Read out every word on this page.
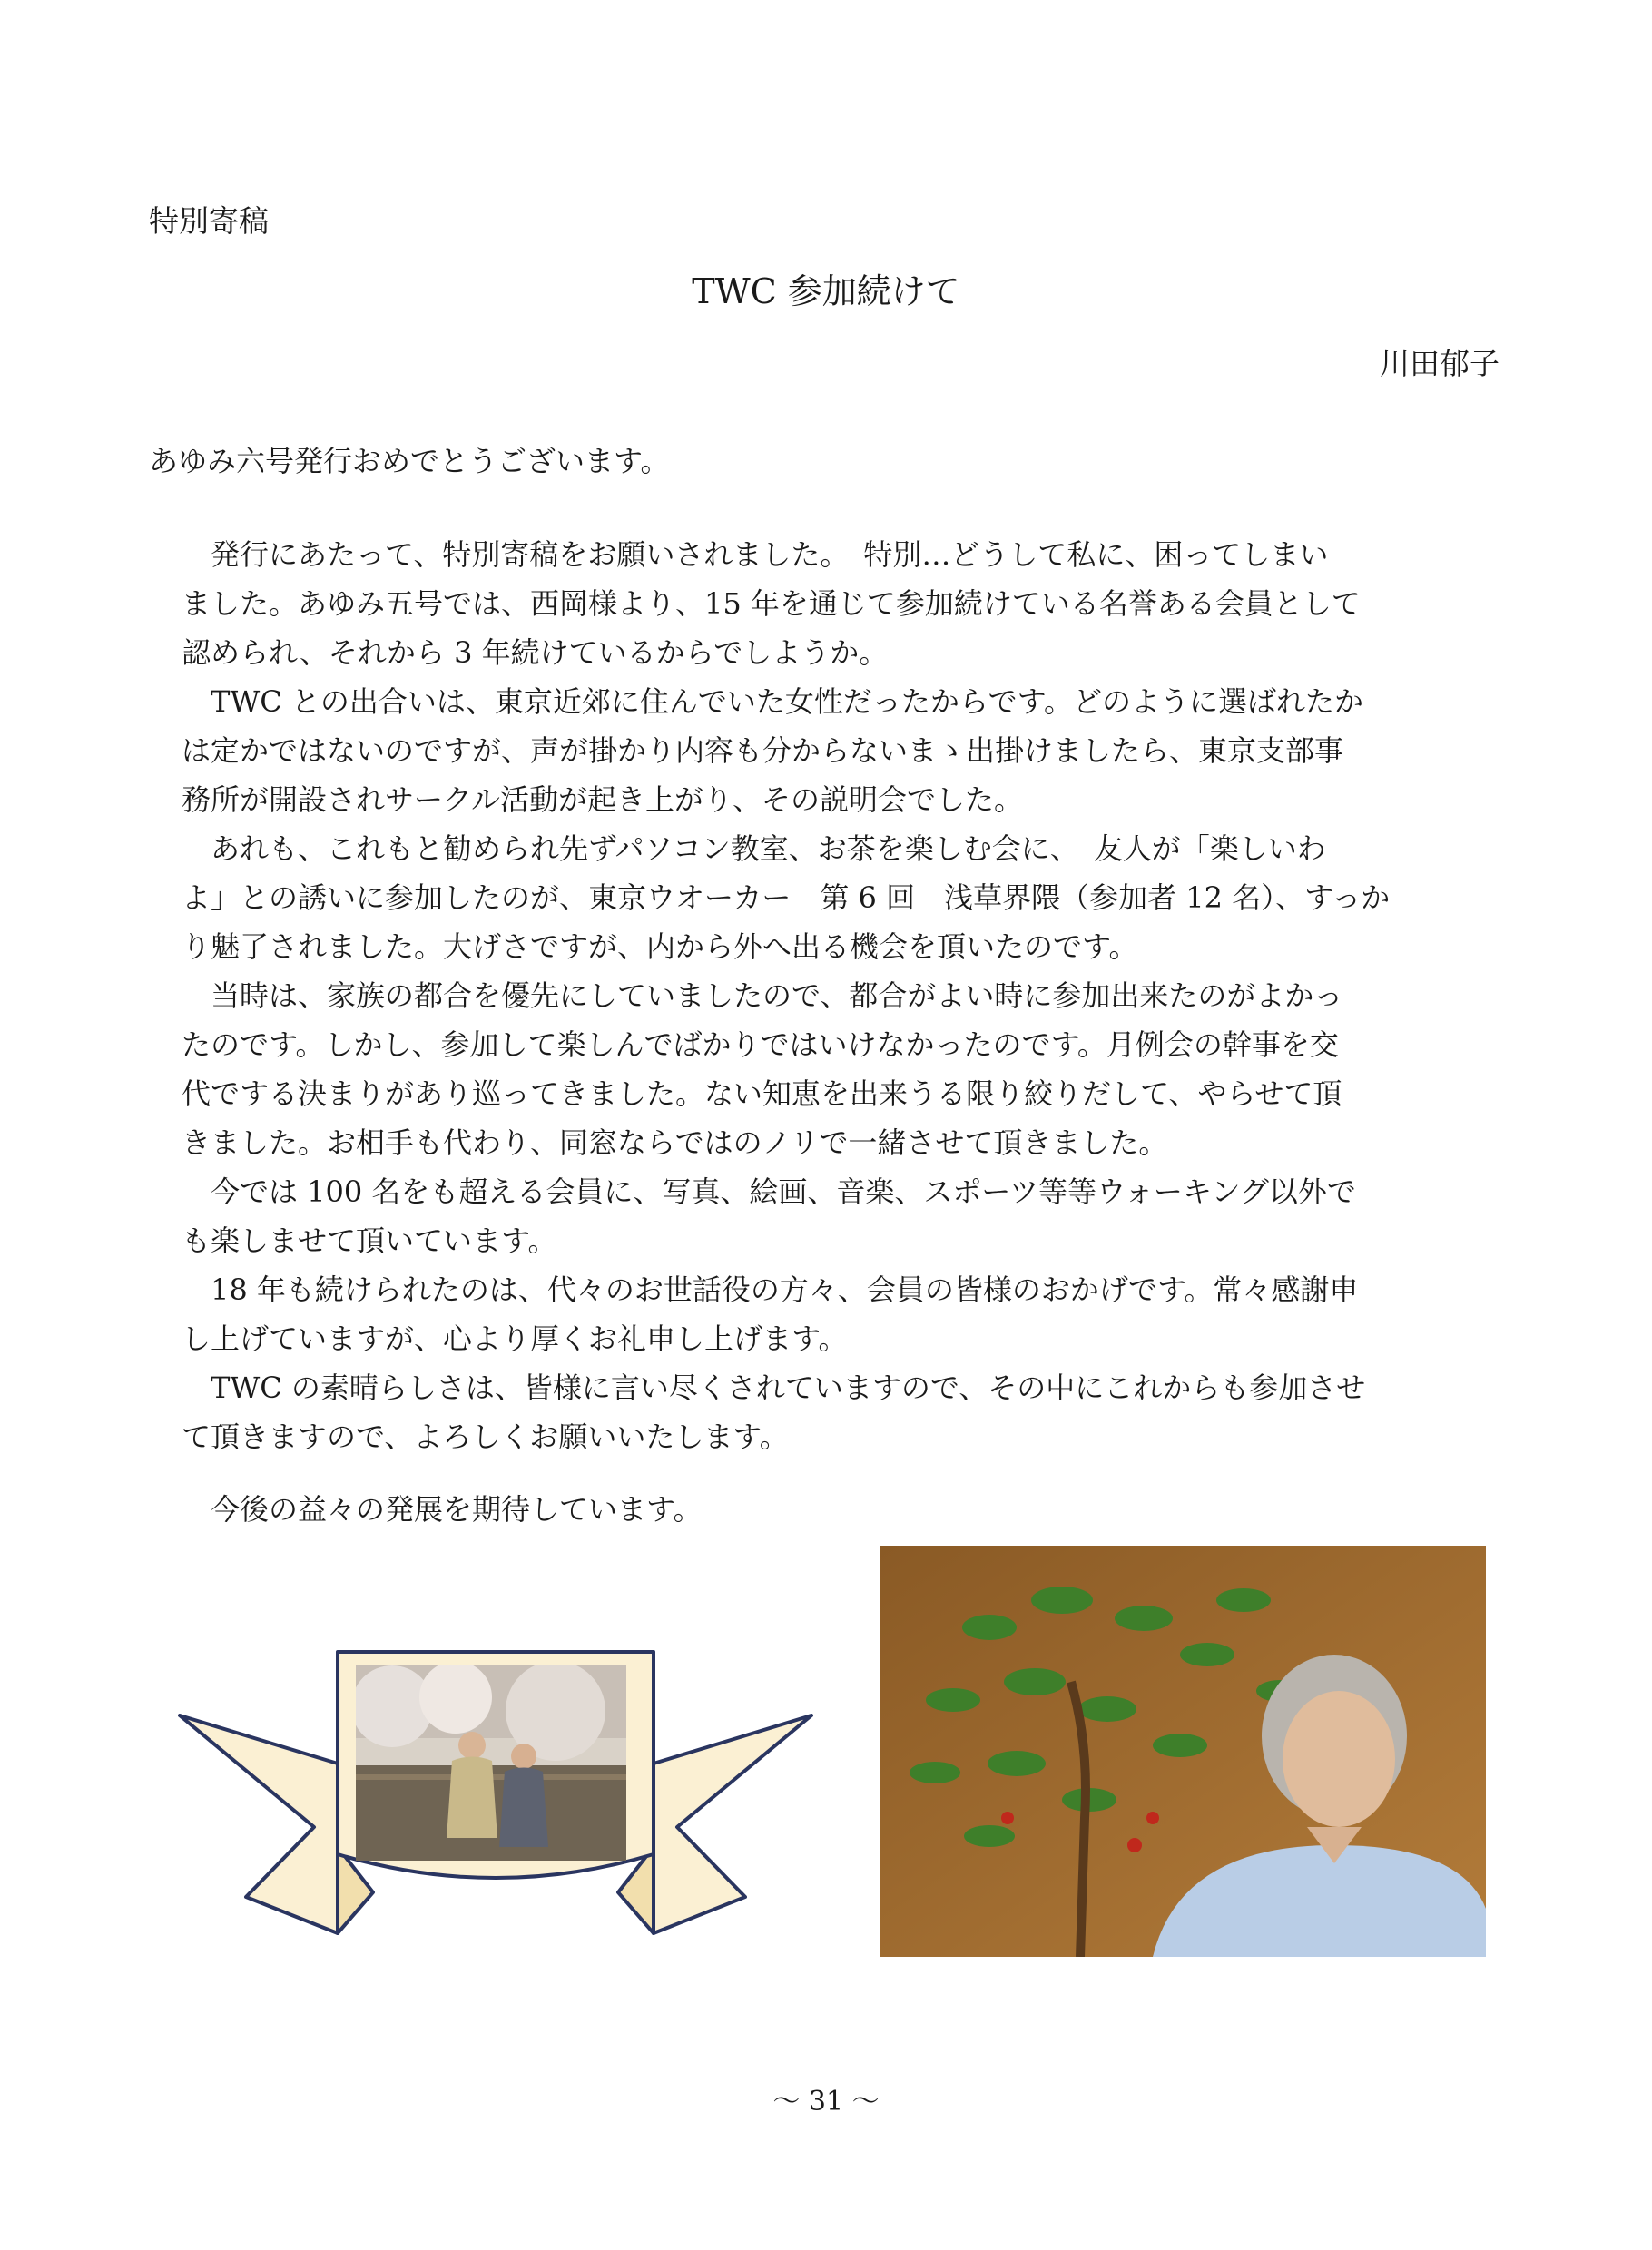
特別寄稿
TWC 参加続けて
川田郁子
あゆみ六号発行おめでとうございます。
　発行にあたって、特別寄稿をお願いされました。　特別…どうして私に、困ってしまい
ました。あゆみ五号では、西岡様より、15 年を通じて参加続けている名誉ある会員として
認められ、それから 3 年続けているからでしようか。
　TWC との出合いは、東京近郊に住んでいた女性だったからです。どのように選ばれたか
は定かではないのですが、声が掛かり内容も分からないまゝ出掛けましたら、東京支部事
務所が開設されサークル活動が起き上がり、その説明会でした。
　あれも、これもと勧められ先ずパソコン教室、お茶を楽しむ会に、　友人が「楽しいわ
よ」との誘いに参加したのが、東京ウオーカー　第 6 回　浅草界隈（参加者 12 名）、すっか
り魅了されました。大げさですが、内から外へ出る機会を頂いたのです。
　当時は、家族の都合を優先にしていましたので、都合がよい時に参加出来たのがよかっ
たのです。しかし、参加して楽しんでばかりではいけなかったのです。月例会の幹事を交
代でする決まりがあり巡ってきました。ない知恵を出来うる限り絞りだして、やらせて頂
きました。お相手も代わり、同窓ならではのノリで一緒させて頂きました。
　今では 100 名をも超える会員に、写真、絵画、音楽、スポーツ等等ウォーキング以外で
も楽しませて頂いています。
　18 年も続けられたのは、代々のお世話役の方々、会員の皆様のおかげです。常々感謝申
し上げていますが、心より厚くお礼申し上げます。
　TWC の素晴らしさは、皆様に言い尽くされていますので、その中にこれからも参加させ
て頂きますので、よろしくお願いいたします。
今後の益々の発展を期待しています。
～ 31 ～
